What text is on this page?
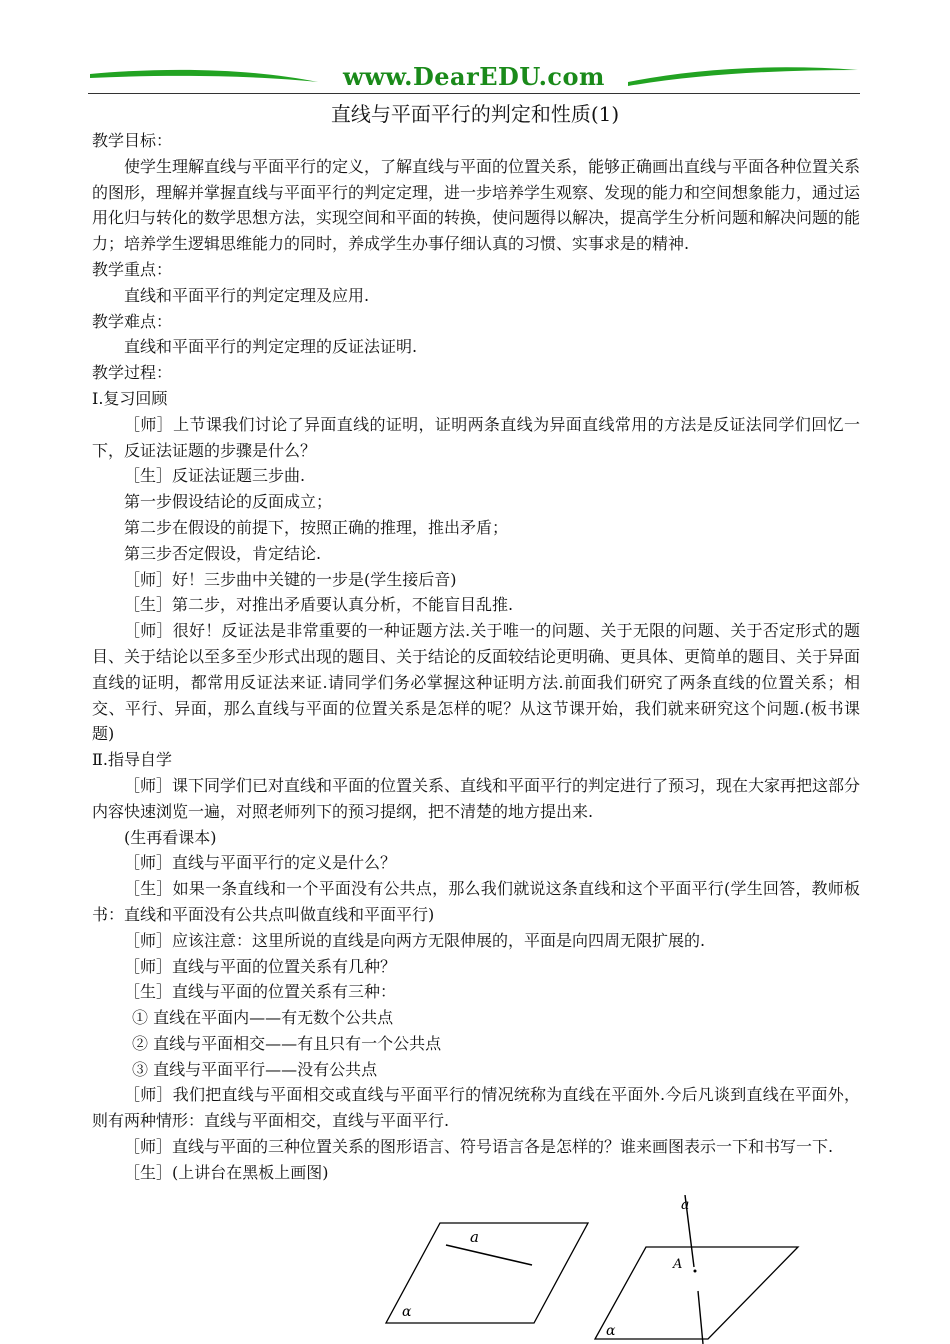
www.DearEDU.com
直线与平面平行的判定和性质(1)

教学目标：

使学生理解直线与平面平行的定义，了解直线与平面的位置关系，能够正确画出直线与平面各种位置关系的图形，理解并掌握直线与平面平行的判定定理，进一步培养学生观察、发现的能力和空间想象能力，通过运用化归与转化的数学思想方法，实现空间和平面的转换，使问题得以解决，提高学生分析问题和解决问题的能力；培养学生逻辑思维能力的同时，养成学生办事仔细认真的习惯、实事求是的精神.

教学重点：

直线和平面平行的判定定理及应用.

教学难点：

直线和平面平行的判定定理的反证法证明.

教学过程：

Ⅰ.复习回顾

［师］上节课我们讨论了异面直线的证明，证明两条直线为异面直线常用的方法是反证法同学们回忆一下，反证法证题的步骤是什么？

［生］反证法证题三步曲.

第一步假设结论的反面成立；

第二步在假设的前提下，按照正确的推理，推出矛盾；

第三步否定假设，肯定结论.

［师］好！三步曲中关键的一步是(学生接后音)

［生］第二步，对推出矛盾要认真分析，不能盲目乱推.

［师］很好！反证法是非常重要的一种证题方法.关于唯一的问题、关于无限的问题、关于否定形式的题目、关于结论以至多至少形式出现的题目、关于结论的反面较结论更明确、更具体、更简单的题目、关于异面直线的证明，都常用反证法来证.请同学们务必掌握这种证明方法.前面我们研究了两条直线的位置关系；相交、平行、异面，那么直线与平面的位置关系是怎样的呢？从这节课开始，我们就来研究这个问题.(板书课题)

Ⅱ.指导自学

［师］课下同学们已对直线和平面的位置关系、直线和平面平行的判定进行了预习，现在大家再把这部分内容快速浏览一遍，对照老师列下的预习提纲，把不清楚的地方提出来.

(生再看课本)

［师］直线与平面平行的定义是什么？

［生］如果一条直线和一个平面没有公共点，那么我们就说这条直线和这个平面平行(学生回答，教师板书：直线和平面没有公共点叫做直线和平面平行)

［师］应该注意：这里所说的直线是向两方无限伸展的，平面是向四周无限扩展的.

［师］直线与平面的位置关系有几种？

［生］直线与平面的位置关系有三种：

① 直线在平面内——有无数个公共点

② 直线与平面相交——有且只有一个公共点

③ 直线与平面平行——没有公共点

［师］我们把直线与平面相交或直线与平面平行的情况统称为直线在平面外.今后凡谈到直线在平面外，则有两种情形：直线与平面相交，直线与平面平行.

［师］直线与平面的三种位置关系的图形语言、符号语言各是怎样的？谁来画图表示一下和书写一下.

［生］(上讲台在黑板上画图)

a
α
a
A
α
